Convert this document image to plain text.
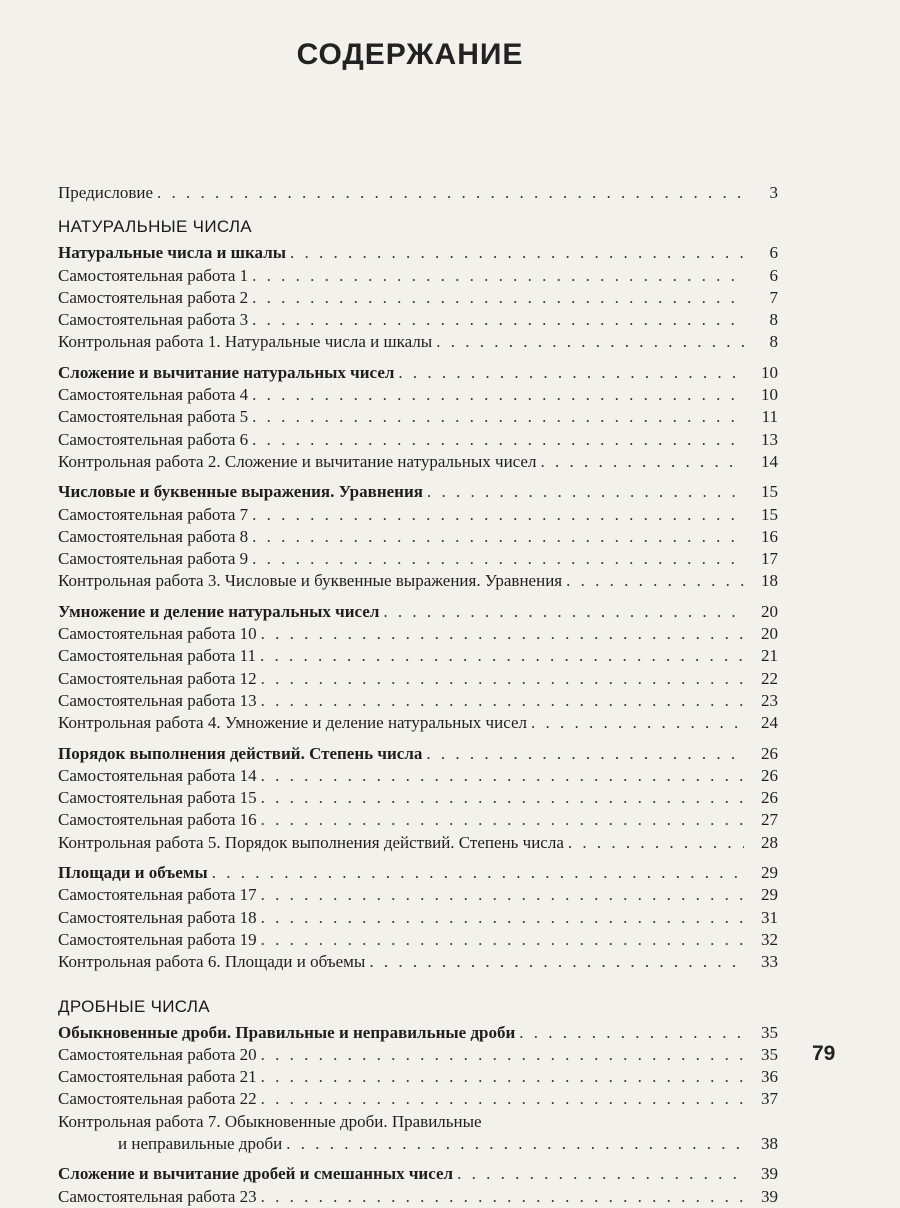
СОДЕРЖАНИЕ
Предисловие . . .	3
НАТУРАЛЬНЫЕ ЧИСЛА
Натуральные числа и шкалы . . .	6
Самостоятельная работа 1 . . .	6
Самостоятельная работа 2 . . .	7
Самостоятельная работа 3 . . .	8
Контрольная работа 1. Натуральные числа и шкалы . . .	8
Сложение и вычитание натуральных чисел . . .	10
Самостоятельная работа 4 . . .	10
Самостоятельная работа 5 . . .	11
Самостоятельная работа 6 . . .	13
Контрольная работа 2. Сложение и вычитание натуральных чисел . . .	14
Числовые и буквенные выражения. Уравнения . . .	15
Самостоятельная работа 7 . . .	15
Самостоятельная работа 8 . . .	16
Самостоятельная работа 9 . . .	17
Контрольная работа 3. Числовые и буквенные выражения. Уравнения . . .	18
Умножение и деление натуральных чисел . . .	20
Самостоятельная работа 10 . . .	20
Самостоятельная работа 11 . . .	21
Самостоятельная работа 12 . . .	22
Самостоятельная работа 13 . . .	23
Контрольная работа 4. Умножение и деление натуральных чисел . . .	24
Порядок выполнения действий. Степень числа . . .	26
Самостоятельная работа 14 . . .	26
Самостоятельная работа 15 . . .	26
Самостоятельная работа 16 . . .	27
Контрольная работа 5. Порядок выполнения действий. Степень числа . . .	28
Площади и объемы . . .	29
Самостоятельная работа 17 . . .	29
Самостоятельная работа 18 . . .	31
Самостоятельная работа 19 . . .	32
Контрольная работа 6. Площади и объемы . . .	33
ДРОБНЫЕ ЧИСЛА
Обыкновенные дроби. Правильные и неправильные дроби . . .	35
Самостоятельная работа 20 . . .	35
Самостоятельная работа 21 . . .	36
Самостоятельная работа 22 . . .	37
Контрольная работа 7. Обыкновенные дроби. Правильные
и неправильные дроби . . .	38
Сложение и вычитание дробей и смешанных чисел . . .	39
Самостоятельная работа 23 . . .	39
79
